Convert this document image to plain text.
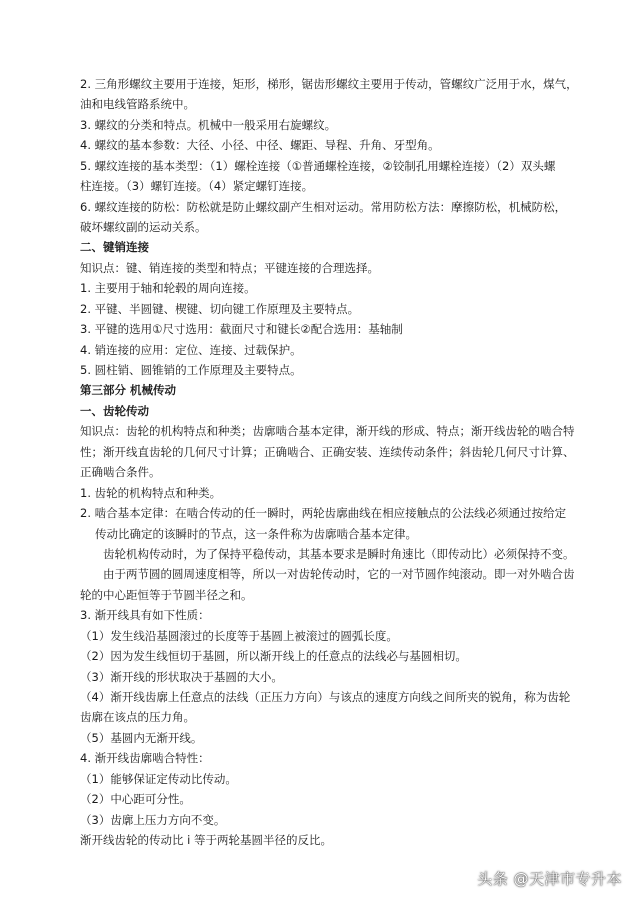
2. 三角形螺纹主要用于连接，矩形，梯形，锯齿形螺纹主要用于传动，管螺纹广泛用于水，煤气，
油和电线管路系统中。
3. 螺纹的分类和特点。机械中一般采用右旋螺纹。
4. 螺纹的基本参数：大径、小径、中径、螺距、导程、升角、牙型角。
5. 螺纹连接的基本类型：（1）螺栓连接（①普通螺栓连接，②铰制孔用螺栓连接）（2）双头螺
柱连接。（3）螺钉连接。（4）紧定螺钉连接。
6. 螺纹连接的防松：防松就是防止螺纹副产生相对运动。常用防松方法：摩擦防松，机械防松，
破坏螺纹副的运动关系。
二、键销连接
知识点：键、销连接的类型和特点；平键连接的合理选择。
1. 主要用于轴和轮毂的周向连接。
2. 平键、半圆键、楔键、切向键工作原理及主要特点。
3. 平键的选用①尺寸选用：截面尺寸和键长②配合选用：基轴制
4. 销连接的应用：定位、连接、过载保护。
5. 圆柱销、圆锥销的工作原理及主要特点。
第三部分 机械传动
一、齿轮传动
知识点：齿轮的机构特点和种类；齿廓啮合基本定律，渐开线的形成、特点；渐开线齿轮的啮合特
性；渐开线直齿轮的几何尺寸计算；正确啮合、正确安装、连续传动条件；斜齿轮几何尺寸计算、
正确啮合条件。
1. 齿轮的机构特点和种类。
2. 啮合基本定律：在啮合传动的任一瞬时，两轮齿廓曲线在相应接触点的公法线必须通过按给定
传动比确定的该瞬时的节点，这一条件称为齿廓啮合基本定律。
齿轮机构传动时，为了保持平稳传动，其基本要求是瞬时角速比（即传动比）必须保持不变。
由于两节圆的圆周速度相等，所以一对齿轮传动时，它的一对节圆作纯滚动。即一对外啮合齿
轮的中心距恒等于节圆半径之和。
3. 渐开线具有如下性质：
（1）发生线沿基圆滚过的长度等于基圆上被滚过的圆弧长度。
（2）因为发生线恒切于基圆，所以渐开线上的任意点的法线必与基圆相切。
（3）渐开线的形状取决于基圆的大小。
（4）渐开线齿廓上任意点的法线（正压力方向）与该点的速度方向线之间所夹的锐角，称为齿轮
齿廓在该点的压力角。
（5）基圆内无渐开线。
4. 渐开线齿廓啮合特性：
（1）能够保证定传动比传动。
（2）中心距可分性。
（3）齿廓上压力方向不变。
渐开线齿轮的传动比 i 等于两轮基圆半径的反比。
头条 @天津市专升本
